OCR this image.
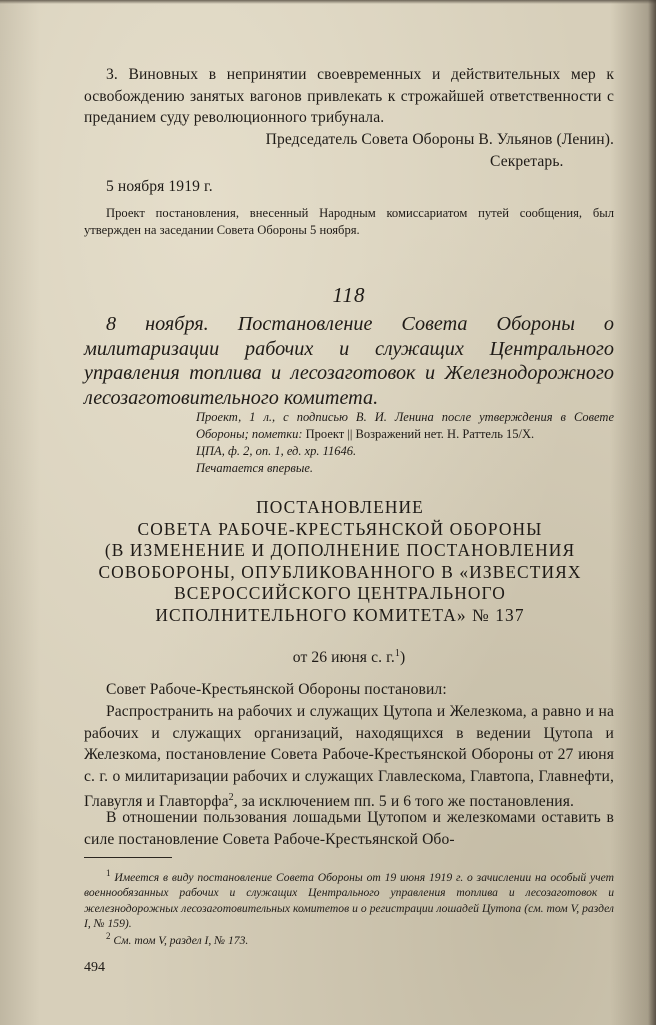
3. Виновных в непринятии своевременных и действительных мер к освобождению занятых вагонов привлекать к строжайшей ответственности с преданием суду революционного трибунала.

Председатель Совета Обороны В. Ульянов (Ленин).

Секретарь.

5 ноября 1919 г.

Проект постановления, внесенный Народным комиссариатом путей сообщения, был утвержден на заседании Совета Обороны 5 ноября.

118

8 ноября. Постановление Совета Обороны о милитаризации рабочих и служащих Центрального управления топлива и лесозаготовок и Железнодорожного лесозаготовительного комитета.

Проект, 1 л., с подписью В. И. Ленина после утверждения в Совете Обороны; пометки: Проект || Возражений нет. Н. Раттель 15/Х.
ЦПА, ф. 2, оп. 1, ед. хр. 11646.

Печатается впервые.

ПОСТАНОВЛЕНИЕ
СОВЕТА РАБОЧЕ-КРЕСТЬЯНСКОЙ ОБОРОНЫ
(В ИЗМЕНЕНИЕ И ДОПОЛНЕНИЕ ПОСТАНОВЛЕНИЯ
СОВОБОРОНЫ, ОПУБЛИКОВАННОГО В «ИЗВЕСТИЯХ
ВСЕРОССИЙСКОГО ЦЕНТРАЛЬНОГО
ИСПОЛНИТЕЛЬНОГО КОМИТЕТА» № 137

от 26 июня с. г.$^1$)

Совет Рабоче-Крестьянской Обороны постановил:

Распространить на рабочих и служащих Цутопа и Железкома, а равно и на рабочих и служащих организаций, находящихся в ведении Цутопа и Железкома, постановление Совета Рабоче-Крестьянской Обороны от 27 июня с. г. о милитаризации рабочих и служащих Главлескома, Главтопа, Главнефти, Главугля и Главторфа$^2$, за исключением пп. 5 и 6 того же постановления.

В отношении пользования лошадьми Цутопом и железкомами оставить в силе постановление Совета Рабоче-Крестьянской Обо-

$^1$ Имеется в виду постановление Совета Обороны от 19 июня 1919 г. о зачислении на особый учет военнообязанных рабочих и служащих Центрального управления топлива и лесозаготовок и железнодорожных лесозаготовительных комитетов и о регистрации лошадей Цутопа (см. том V, раздел I, № 159).

$^2$ См. том V, раздел I, № 173.

494
